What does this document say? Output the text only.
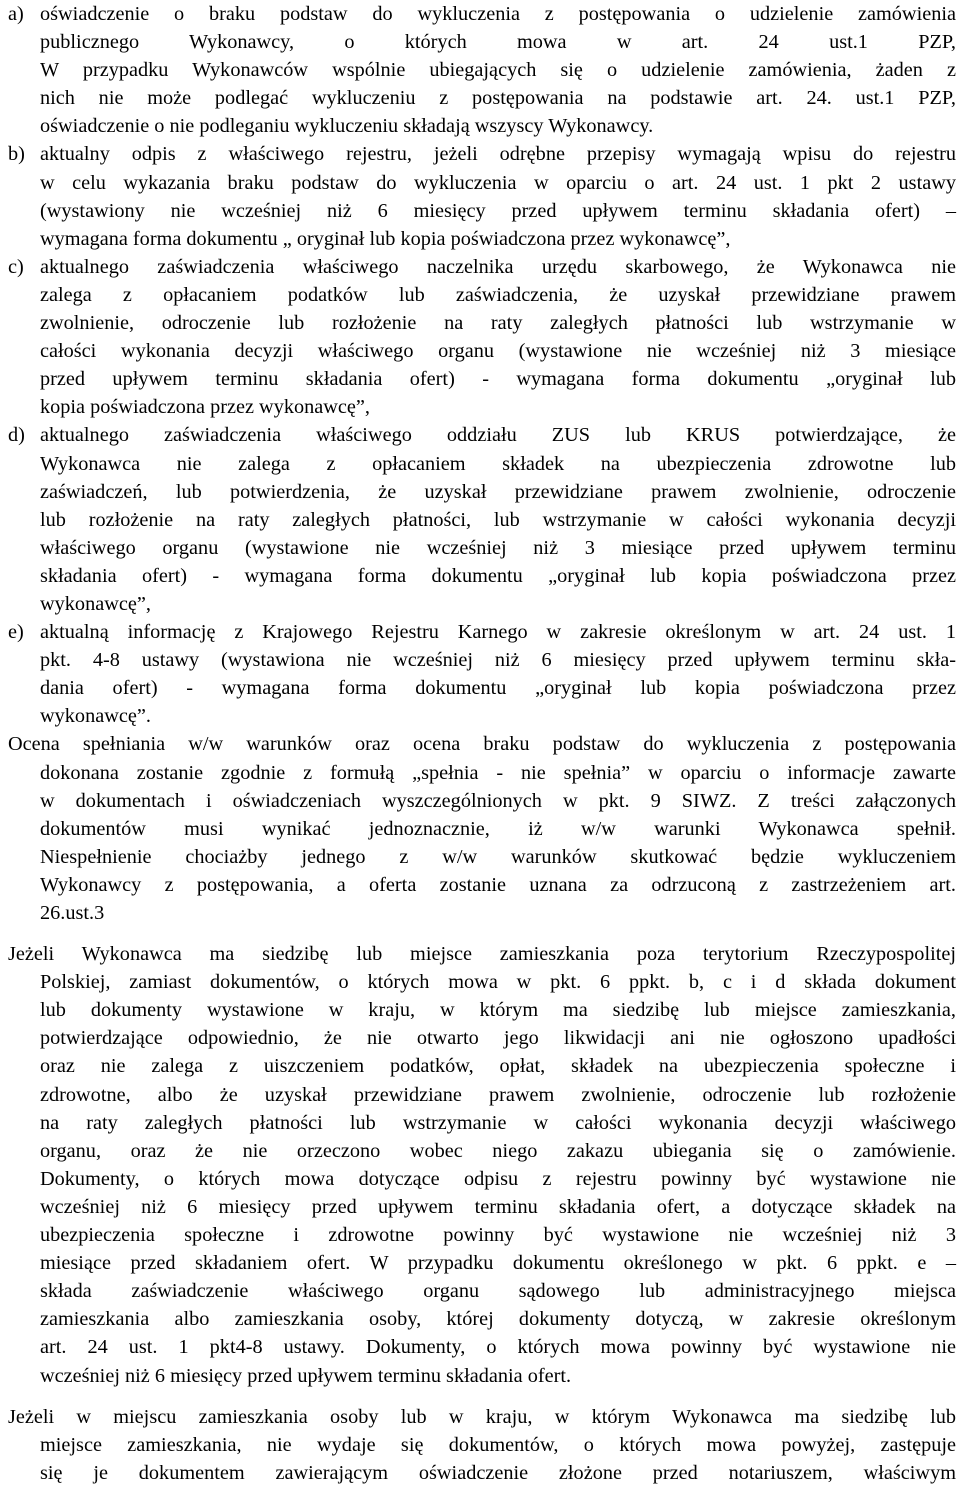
a) oświadczenie o braku podstaw do wykluczenia z postępowania o udzielenie zamówienia
publicznego Wykonawcy, o których mowa w art. 24 ust.1 PZP,
W przypadku Wykonawców wspólnie ubiegających się o udzielenie zamówienia, żaden z
nich nie może podlegać wykluczeniu z postępowania na podstawie art. 24. ust.1 PZP,
oświadczenie o nie podleganiu wykluczeniu składają wszyscy Wykonawcy.
b) aktualny odpis z właściwego rejestru, jeżeli odrębne przepisy wymagają wpisu do rejestru
w celu wykazania braku podstaw do wykluczenia w oparciu o art. 24 ust. 1 pkt 2 ustawy
(wystawiony nie wcześniej niż 6 miesięcy przed upływem terminu składania ofert) –
wymagana forma dokumentu „ oryginał lub kopia poświadczona przez wykonawcę”,
c) aktualnego zaświadczenia właściwego naczelnika urzędu skarbowego, że Wykonawca nie
zalega z opłacaniem podatków lub zaświadczenia, że uzyskał przewidziane prawem
zwolnienie, odroczenie lub rozłożenie na raty zaległych płatności lub wstrzymanie w
całości wykonania decyzji właściwego organu (wystawione nie wcześniej niż 3 miesiące
przed upływem terminu składania ofert) - wymagana forma dokumentu „oryginał lub
kopia poświadczona przez wykonawcę”,
d) aktualnego zaświadczenia właściwego oddziału ZUS lub KRUS potwierdzające, że
Wykonawca nie zalega z opłacaniem składek na ubezpieczenia zdrowotne lub
zaświadczeń, lub potwierdzenia, że uzyskał przewidziane prawem zwolnienie, odroczenie
lub rozłożenie na raty zaległych płatności, lub wstrzymanie w całości wykonania decyzji
właściwego organu (wystawione nie wcześniej niż 3 miesiące przed upływem terminu
składania ofert) - wymagana forma dokumentu „oryginał lub kopia poświadczona przez
wykonawcę”,
e) aktualną informację z Krajowego Rejestru Karnego w zakresie określonym w art. 24 ust. 1
pkt. 4-8 ustawy (wystawiona nie wcześniej niż 6 miesięcy przed upływem terminu skła-
dania ofert) - wymagana forma dokumentu „oryginał lub kopia poświadczona przez
wykonawcę”.
Ocena spełniania w/w warunków oraz ocena braku podstaw do wykluczenia z postępowania
dokonana zostanie zgodnie z formułą „spełnia - nie spełnia” w oparciu o informacje zawarte
w dokumentach i oświadczeniach wyszczególnionych w pkt. 9 SIWZ. Z treści załączonych
dokumentów musi wynikać jednoznacznie, iż w/w warunki Wykonawca spełnił.
Niespełnienie chociażby jednego z w/w warunków skutkować będzie wykluczeniem
Wykonawcy z postępowania, a oferta zostanie uznana za odrzuconą z zastrzeżeniem art.
26.ust.3
Jeżeli Wykonawca ma siedzibę lub miejsce zamieszkania poza terytorium Rzeczypospolitej
Polskiej, zamiast dokumentów, o których mowa w pkt. 6 ppkt. b, c i d składa dokument
lub dokumenty wystawione w kraju, w którym ma siedzibę lub miejsce zamieszkania,
potwierdzające odpowiednio, że nie otwarto jego likwidacji ani nie ogłoszono upadłości
oraz nie zalega z uiszczeniem podatków, opłat, składek na ubezpieczenia społeczne i
zdrowotne, albo że uzyskał przewidziane prawem zwolnienie, odroczenie lub rozłożenie
na raty zaległych płatności lub wstrzymanie w całości wykonania decyzji właściwego
organu, oraz że nie orzeczono wobec niego zakazu ubiegania się o zamówienie.
Dokumenty, o których mowa dotyczące odpisu z rejestru powinny być wystawione nie
wcześniej niż 6 miesięcy przed upływem terminu składania ofert, a dotyczące składek na
ubezpieczenia społeczne i zdrowotne powinny być wystawione nie wcześniej niż 3
miesiące przed składaniem ofert. W przypadku dokumentu określonego w pkt. 6 ppkt. e –
składa zaświadczenie właściwego organu sądowego lub administracyjnego miejsca
zamieszkania albo zamieszkania osoby, której dokumenty dotyczą, w zakresie określonym
art. 24 ust. 1 pkt4-8 ustawy. Dokumenty, o których mowa powinny być wystawione nie
wcześniej niż 6 miesięcy przed upływem terminu składania ofert.
Jeżeli w miejscu zamieszkania osoby lub w kraju, w którym Wykonawca ma siedzibę lub
miejsce zamieszkania, nie wydaje się dokumentów, o których mowa powyżej, zastępuje
się je dokumentem zawierającym oświadczenie złożone przed notariuszem, właściwym
